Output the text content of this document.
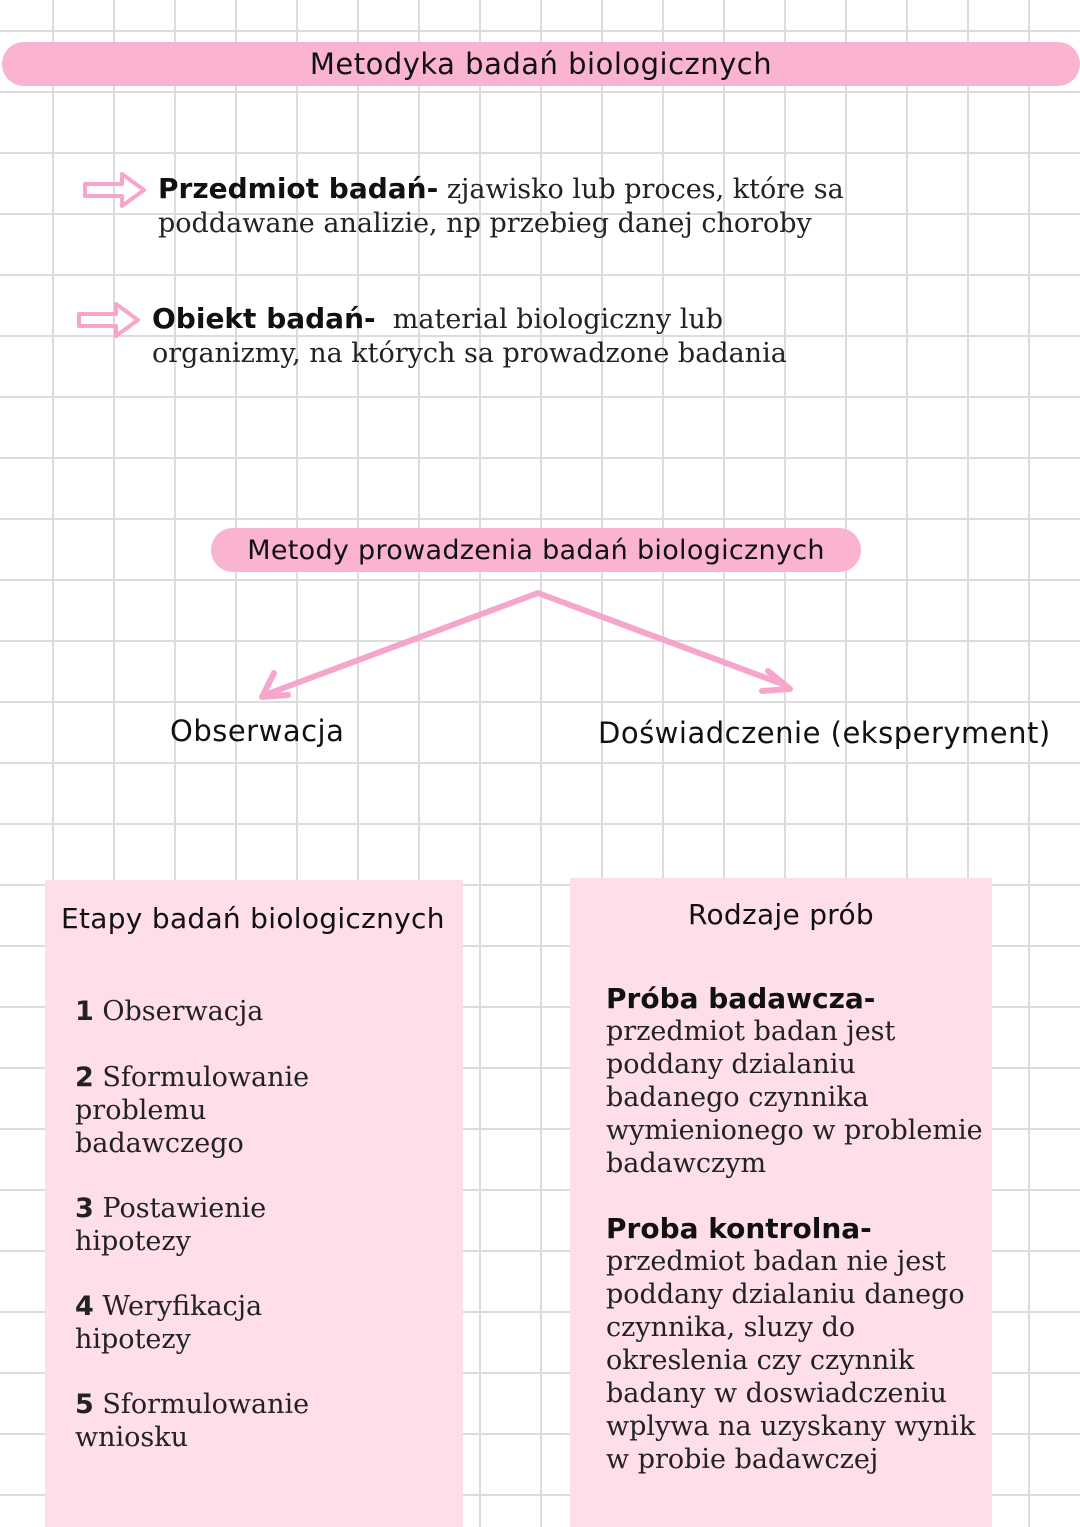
Metodyka badań biologicznych
Przedmiot badań- zjawisko lub proces, które sa
poddawane analizie, np przebieg danej choroby
Obiekt badań- material biologiczny lub
organizmy, na których sa prowadzone badania
Metody prowadzenia badań biologicznych
Obserwacja	Doświadczenie (eksperyment)
Etapy badań biologicznych
1 Obserwacja
2 Sformulowanie problemu badawczego
3 Postawienie hipotezy
4 Weryfikacja hipotezy
5 Sformulowanie wniosku
Rodzaje prób
Próba badawcza-
przedmiot badan jest poddany dzialaniu badanego czynnika wymienionego w problemie badawczym
Proba kontrolna-
przedmiot badan nie jest poddany dzialaniu danego czynnika, sluzy do okreslenia czy czynnik badany w doswiadczeniu wplywa na uzyskany wynik w probie badawczej
